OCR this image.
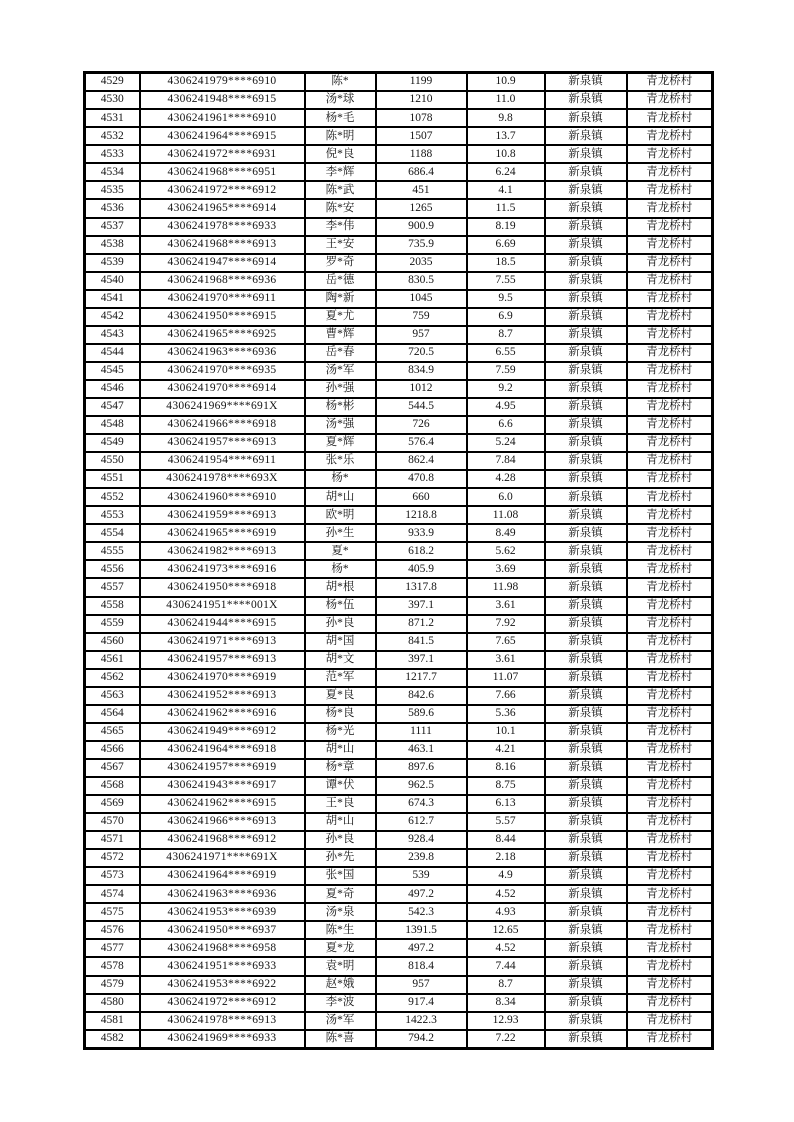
4529	4306241979****6910	陈*	1199	10.9	新泉镇	青龙桥村
4530	4306241948****6915	汤*球	1210	11.0	新泉镇	青龙桥村
4531	4306241961****6910	杨*毛	1078	9.8	新泉镇	青龙桥村
4532	4306241964****6915	陈*明	1507	13.7	新泉镇	青龙桥村
4533	4306241972****6931	倪*良	1188	10.8	新泉镇	青龙桥村
4534	4306241968****6951	李*辉	686.4	6.24	新泉镇	青龙桥村
4535	4306241972****6912	陈*武	451	4.1	新泉镇	青龙桥村
4536	4306241965****6914	陈*安	1265	11.5	新泉镇	青龙桥村
4537	4306241978****6933	李*伟	900.9	8.19	新泉镇	青龙桥村
4538	4306241968****6913	王*安	735.9	6.69	新泉镇	青龙桥村
4539	4306241947****6914	罗*奇	2035	18.5	新泉镇	青龙桥村
4540	4306241968****6936	岳*德	830.5	7.55	新泉镇	青龙桥村
4541	4306241970****6911	陶*新	1045	9.5	新泉镇	青龙桥村
4542	4306241950****6915	夏*尤	759	6.9	新泉镇	青龙桥村
4543	4306241965****6925	曹*辉	957	8.7	新泉镇	青龙桥村
4544	4306241963****6936	岳*春	720.5	6.55	新泉镇	青龙桥村
4545	4306241970****6935	汤*军	834.9	7.59	新泉镇	青龙桥村
4546	4306241970****6914	孙*强	1012	9.2	新泉镇	青龙桥村
4547	4306241969****691X	杨*彬	544.5	4.95	新泉镇	青龙桥村
4548	4306241966****6918	汤*强	726	6.6	新泉镇	青龙桥村
4549	4306241957****6913	夏*辉	576.4	5.24	新泉镇	青龙桥村
4550	4306241954****6911	张*乐	862.4	7.84	新泉镇	青龙桥村
4551	4306241978****693X	杨*	470.8	4.28	新泉镇	青龙桥村
4552	4306241960****6910	胡*山	660	6.0	新泉镇	青龙桥村
4553	4306241959****6913	欧*明	1218.8	11.08	新泉镇	青龙桥村
4554	4306241965****6919	孙*生	933.9	8.49	新泉镇	青龙桥村
4555	4306241982****6913	夏*	618.2	5.62	新泉镇	青龙桥村
4556	4306241973****6916	杨*	405.9	3.69	新泉镇	青龙桥村
4557	4306241950****6918	胡*根	1317.8	11.98	新泉镇	青龙桥村
4558	4306241951****001X	杨*伍	397.1	3.61	新泉镇	青龙桥村
4559	4306241944****6915	孙*良	871.2	7.92	新泉镇	青龙桥村
4560	4306241971****6913	胡*国	841.5	7.65	新泉镇	青龙桥村
4561	4306241957****6913	胡*文	397.1	3.61	新泉镇	青龙桥村
4562	4306241970****6919	范*军	1217.7	11.07	新泉镇	青龙桥村
4563	4306241952****6913	夏*良	842.6	7.66	新泉镇	青龙桥村
4564	4306241962****6916	杨*良	589.6	5.36	新泉镇	青龙桥村
4565	4306241949****6912	杨*光	1111	10.1	新泉镇	青龙桥村
4566	4306241964****6918	胡*山	463.1	4.21	新泉镇	青龙桥村
4567	4306241957****6919	杨*章	897.6	8.16	新泉镇	青龙桥村
4568	4306241943****6917	谭*伏	962.5	8.75	新泉镇	青龙桥村
4569	4306241962****6915	王*良	674.3	6.13	新泉镇	青龙桥村
4570	4306241966****6913	胡*山	612.7	5.57	新泉镇	青龙桥村
4571	4306241968****6912	孙*良	928.4	8.44	新泉镇	青龙桥村
4572	4306241971****691X	孙*先	239.8	2.18	新泉镇	青龙桥村
4573	4306241964****6919	张*国	539	4.9	新泉镇	青龙桥村
4574	4306241963****6936	夏*奇	497.2	4.52	新泉镇	青龙桥村
4575	4306241953****6939	汤*泉	542.3	4.93	新泉镇	青龙桥村
4576	4306241950****6937	陈*生	1391.5	12.65	新泉镇	青龙桥村
4577	4306241968****6958	夏*龙	497.2	4.52	新泉镇	青龙桥村
4578	4306241951****6933	袁*明	818.4	7.44	新泉镇	青龙桥村
4579	4306241953****6922	赵*娥	957	8.7	新泉镇	青龙桥村
4580	4306241972****6912	李*波	917.4	8.34	新泉镇	青龙桥村
4581	4306241978****6913	汤*军	1422.3	12.93	新泉镇	青龙桥村
4582	4306241969****6933	陈*喜	794.2	7.22	新泉镇	青龙桥村
